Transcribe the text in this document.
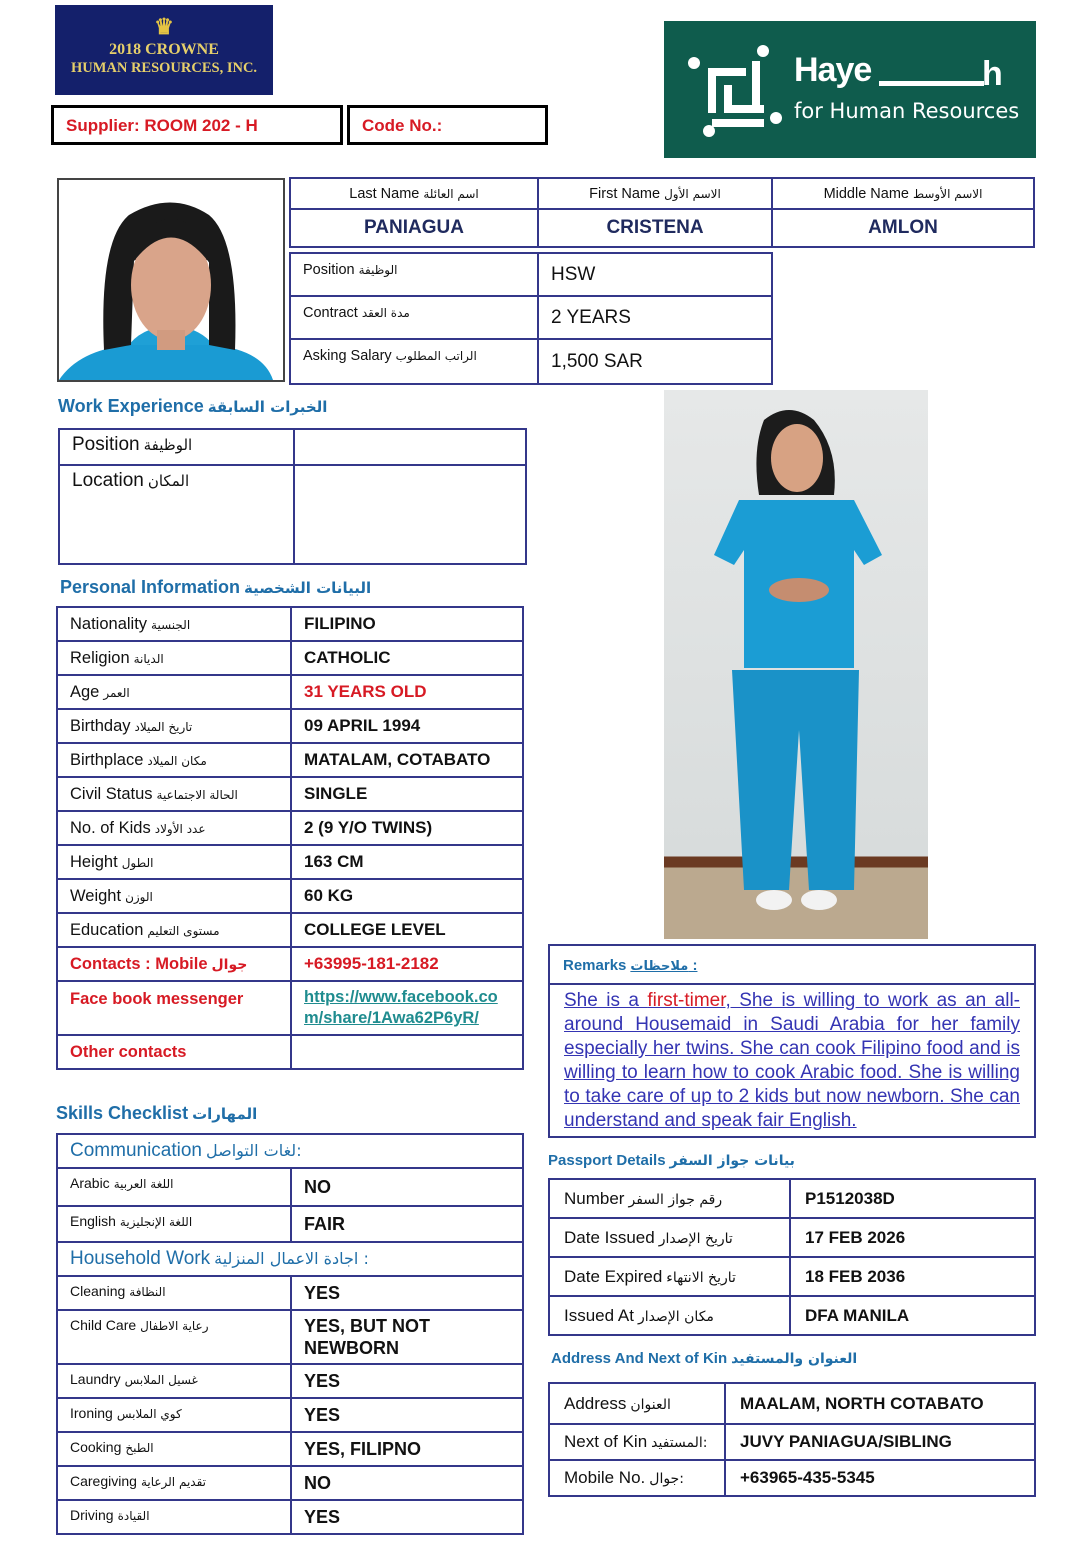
♛
2018 CROWNE
HUMAN RESOURCES, INC.
Supplier: ROOM 202 - H	Code No.:
Haye	h
for Human Resources
Last Name اسم العائلة	First Name الاسم الأول	Middle Name الاسم الأوسط
PANIAGUA	CRISTENA	AMLON
Position الوظيفة	HSW
Contract مدة العقد	2 YEARS
Asking Salary الراتب المطلوب	1,500 SAR
Work Experience الخبرات السابقة
Position الوظيفة	
Location المكان	
Personal Information البيانات الشخصية
Nationality الجنسية	FILIPINO
Religion الديانة	CATHOLIC
Age العمر	31 YEARS OLD
Birthday تاريخ الميلاد	09 APRIL 1994
Birthplace مكان الميلاد	MATALAM, COTABATO
Civil Status الحالة الاجتماعية	SINGLE
No. of Kids عدد الأولاد	2 (9 Y/O TWINS)
Height الطول	163 CM
Weight الوزن	60 KG
Education مستوى التعليم	COLLEGE LEVEL
Contacts : Mobile جوال	+63995-181-2182
Face book messenger	https://www.facebook.com/share/1Awa62P6yR/
Other contacts	
Skills Checklist المهارات
Communication لغات التواصل:	
Arabic اللغة العربية	NO
English اللغة الإنجليزية	FAIR
Household Work اجادة الاعمال المنزلية :	
Cleaning النظافة	YES
Child Care رعاية الاطفال	YES, BUT NOT NEWBORN
Laundry غسيل الملابس	YES
Ironing كوي الملابس	YES
Cooking الطبخ	YES, FILIPNO
Caregiving تقديم الرعاية	NO
Driving القيادة	YES
Remarks ملاحظات :
She is a first-timer, She is willing to work as an all-around Housemaid in Saudi Arabia for her family especially her twins. She can cook Filipino food and is willing to learn how to cook Arabic food. She is willing to take care of up to 2 kids but now newborn. She can understand and speak fair English.
Passport Details بيانات جواز السفر
Number رقم جواز السفر	P1512038D
Date Issued تاريخ الإصدار	17 FEB 2026
Date Expired تاريخ الانتهاء	18 FEB 2036
Issued At مكان الإصدار	DFA MANILA
Address And Next of Kin العنوان والمستفيد
Address العنوان	MAALAM, NORTH COTABATO
Next of Kin المستفيد:	JUVY PANIAGUA/SIBLING
Mobile No. جوال:	+63965-435-5345
